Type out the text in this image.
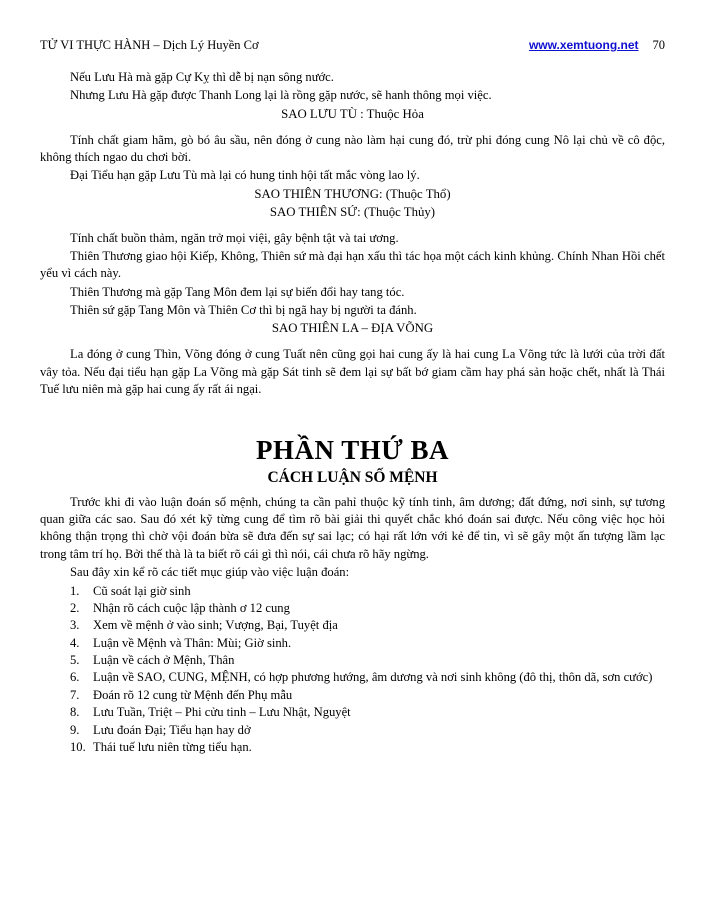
TỬ VI THỰC HÀNH – Dịch Lý Huyền Cơ	www.xemtuong.net 70

Nếu Lưu Hà mà gặp Cự Kỵ thì dễ bị nạn sông nước.

Nhưng Lưu Hà gặp được Thanh Long lại là rồng gặp nước, sẽ hanh thông mọi việc.

SAO LƯU TÙ : Thuộc Hỏa

Tính chất giam hãm, gò bó âu sầu, nên đóng ở cung nào làm hại cung đó, trừ phi đóng cung Nô lại chủ về cô độc, không thích ngao du chơi bời.

Đại Tiểu hạn gặp Lưu Tù mà lại có hung tinh hội tất mắc vòng lao lý.

SAO THIÊN THƯƠNG: (Thuộc Thổ)

SAO THIÊN SỨ: (Thuộc Thủy)

Tính chất buồn thảm, ngăn trở mọi việi, gây bệnh tật và tai ương.

Thiên Thương giao hội Kiếp, Không, Thiên sứ mà đại hạn xấu thì tác họa một cách kinh khủng. Chính Nhan Hồi chết yểu vì cách này.

Thiên Thương mà gặp Tang Môn đem lại sự biến đổi hay tang tóc.

Thiên sứ gặp Tang Môn và Thiên Cơ thì bị ngã hay bị người ta đánh.

SAO THIÊN LA – ĐỊA VÕNG

La đóng ở cung Thìn, Võng đóng ở cung Tuất nên cũng gọi hai cung ấy là hai cung La Võng tức là lưới của trời đất vây tỏa. Nếu đại tiểu hạn gặp La Võng mà gặp Sát tinh sẽ đem lại sự bất bớ giam cầm hay phá sản hoặc chết, nhất là Thái Tuế lưu niên mà gặp hai cung ấy rất ái ngại.

PHẦN THỨ BA
CÁCH LUẬN SỐ MỆNH

Trước khi đi vào luận đoán số mệnh, chúng ta cần pahỉ thuộc kỹ tính tinh, âm dương; đất đứng, nơi sinh, sự tương quan giữa các sao. Sau đó xét kỹ từng cung để tìm rõ bài giải thi quyết chắc khó đoán sai được. Nếu công việc học hỏi không thận trọng thì chờ vội đoán bừa sẽ đưa đến sự sai lạc; có hại rất lớn với kẻ để tin, vì sẽ gây một ấn tượng lầm lạc trong tâm trí họ. Bởi thế thà là ta biết rõ cái gì thì nói, cái chưa rõ hãy ngừng.

Sau đây xin kể rõ các tiết mục giúp vào việc luận đoán:

1.	Cũ soát lại giờ sinh
2.	Nhận rõ cách cuộc lập thành ơ 12 cung
3.	Xem về mệnh ở vào sinh; Vượng, Bại, Tuyệt địa
4.	Luận về Mệnh và Thân: Mùi; Giờ sinh.
5.	Luận về cách ở Mệnh, Thân
6.	Luận về SAO, CUNG, MỆNH, có hợp phương hướng, âm dương và nơi sinh không (đô thị, thôn dã, sơn cước)
7.	Đoán rõ 12 cung từ Mệnh đến Phụ mẫu
8.	Lưu Tuần, Triệt – Phi cửu tinh – Lưu Nhật, Nguyệt
9.	Lưu đoán Đại; Tiểu hạn hay dở
10. Thái tuế lưu niên từng tiểu hạn.
